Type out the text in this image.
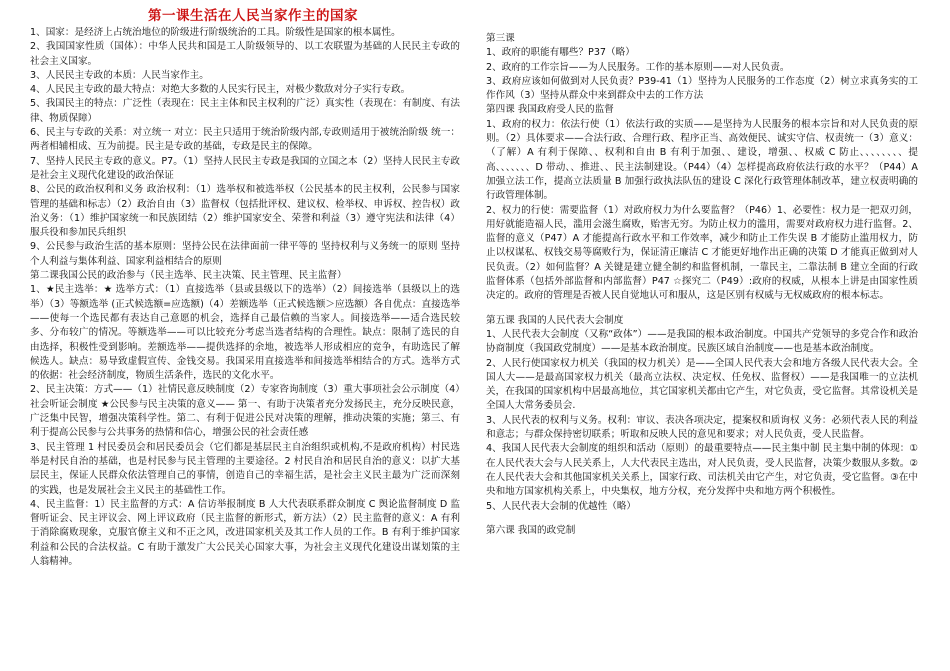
第一课生活在人民当家作主的国家

1、国家：是经济上占统治地位的阶级进行阶级统治的工具。阶级性是国家的根本属性。

2、我国国家性质（国体）：中华人民共和国是工人阶级领导的、以工农联盟为基础的人民民主专政的社会主义国家。

3、人民民主专政的本质：人民当家作主。

4、人民民主专政的最大特点：对绝大多数的人民实行民主，对极少数敌对分子实行专政。

5、我国民主的特点：广泛性（表现在：民主主体和民主权利的广泛）真实性（表现在：有制度、有法律、物质保障）

6、民主与专政的关系：对立统一 对立：民主只适用于统治阶级内部,专政则适用于被统治阶级 统一：两者相辅相成、互为前提。民主是专政的基础，专政是民主的保障。

7、坚持人民民主专政的意义。P7。（1）坚持人民民主专政是我国的立国之本（2）坚持人民民主专政是社会主义现代化建设的政治保证

8、公民的政治权利和义务 政治权利：（1）选举权和被选举权（公民基本的民主权利，公民参与国家管理的基础和标志）（2）政治自由（3）监督权（包括批评权、建议权、检举权、申诉权、控告权）政治义务：（1）维护国家统一和民族团结（2）维护国家安全、荣誉和利益（3）遵守宪法和法律（4）服兵役和参加民兵组织

9、公民参与政治生活的基本原则：坚持公民在法律面前一律平等的 坚持权利与义务统一的原则 坚持个人利益与集体利益、国家利益相结合的原则

第二课我国公民的政治参与（民主选举、民主决策、民主管理、民主监督）

1、★民主选举：★ 选举方式：（1）直接选举（县或县级以下的选举）（2）间接选举（县级以上的选举）（3）等额选举 (正式候选额=应选额)（4）差额选举（正式候选额＞应选额）各自优点：直接选举——使每一个选民都有表达自己意愿的机会，选择自己最信赖的当家人。间接选举——适合选民较多、分布较广的情况。等额选举——可以比较充分考虑当选者结构的合理性。缺点：限制了选民的自由选择，积极性受到影响。差额选举——提供选择的余地，被选举人形成相应的竞争，有助选民了解候选人。缺点：易导致虚假宣传、金钱交易。我国采用直接选举和间接选举相结合的方式。选举方式的依据：社会经济制度，物质生活条件，选民的文化水平。

2、民主决策：方式——（1）社情民意反映制度（2）专家咨询制度（3）重大事项社会公示制度（4）社会听证会制度 ★公民参与民主决策的意义—— 第一、有助于决策者充分发扬民主，充分反映民意，广泛集中民智，增强决策科学性。第二、有利于促进公民对决策的理解，推动决策的实施；第三、有利于提高公民参与公共事务的热情和信心，增强公民的社会责任感

3、民主管理 1 村民委员会和居民委员会（它们都是基层民主自治组织或机构,不是政府机构）村民选举是村民自治的基础，也是村民参与民主管理的主要途径。2 村民自治和居民自治的意义：以扩大基层民主，保证人民群众依法管理自己的事情，创造自己的幸福生活，是社会主义民主最为广泛而深刻的实践，也是发展社会主义民主的基础性工作。

4、民主监督：1）民主监督的方式：A 信访举报制度 B 人大代表联系群众制度 C 舆论监督制度 D 监督听证会、民主评议会、网上评议政府（民主监督的新形式，新方法）（2）民主监督的意义：A 有利于消除腐败现象，克服官僚主义和不正之风，改进国家机关及其工作人员的工作。B 有利于维护国家利益和公民的合法权益。C 有助于激发广大公民关心国家大事，为社会主义现代化建设出谋划策的主人翁精神。

第三课

1、政府的职能有哪些？P37（略）

2、政府的工作宗旨——为人民服务。工作的基本原则——对人民负责。

3、政府应该如何做到对人民负责？P39-41（1）坚持为人民服务的工作态度（2）树立求真务实的工作作风（3）坚持从群众中来到群众中去的工作方法

第四课 我国政府受人民的监督

1、政府的权力：依法行使（1）依法行政的实质——是坚持为人民服务的根本宗旨和对人民负责的原则。（2）具体要求——合法行政、合理行政、程序正当、高效便民、诚实守信、权责统一（3）意义：（了解）A 有利于保障、、权利和自由 B 有利于加强、、建设，增强、、权威 C 防止、、、、、、、、提高、、、、、、、D 带动、、推进、、民主法制建设。（P44）（4）怎样提高政府依法行政的水平？（P44）A 加强立法工作，提高立法质量 B 加强行政执法队伍的建设 C 深化行政管理体制改革，建立权责明确的行政管理体制。

2、权力的行使：需要监督（1）对政府权力为什么要监督？（P46）1、必要性：权力是一把双刃剑，用好就能造福人民，滥用会滋生腐败，贻害无穷。为防止权力的滥用，需要对政府权力进行监督。2、监督的意义（P47）A 才能提高行政水平和工作效率，减少和防止工作失误 B 才能防止滥用权力，防止以权谋私、权钱交易等腐败行为，保证清正廉洁 C 才能更好地作出正确的决策 D 才能真正做到对人民负责。（2）如何监督？A 关键是建立健全制约和监督机制，一靠民主，二靠法制 B 建立全面的行政监督体系（包括外部监督和内部监督）P47 ☆探究二（P49）:政府的权威，从根本上讲是由国家性质决定的。政府的管理是否被人民自觉地认可和服从，这是区别有权威与无权威政府的根本标志。

第五课 我国的人民代表大会制度

1、人民代表大会制度（又称“政体”）——是我国的根本政治制度。中国共产党领导的多党合作和政治协商制度（我国政党制度）——是基本政治制度。民族区域自治制度——也是基本政治制度。

2、人民行使国家权力机关（我国的权力机关）是——全国人民代表大会和地方各级人民代表大会。全国人大——是最高国家权力机关（最高立法权、决定权、任免权、监督权）——是我国唯一的立法机关，在我国的国家机构中居最高地位，其它国家机关都由它产生，对它负责，受它监督。其常设机关是全国人大常务委员会.

3、人民代表的权利与义务。权利：审议、表决各项决定，提案权和质询权 义务：必须代表人民的利益和意志；与群众保持密切联系；听取和反映人民的意见和要求；对人民负责，受人民监督。

4、我国人民代表大会制度的组织和活动（原则）的最重要特点——民主集中制 民主集中制的体现：①在人民代表大会与人民关系上，人大代表民主选出，对人民负责，受人民监督，决策少数服从多数。②在人民代表大会和其他国家机关关系上，国家行政、司法机关由它产生，对它负责，受它监督。③在中央和地方国家机构关系上，中央集权，地方分权，充分发挥中央和地方两个积极性。

5、人民代表大会制的优越性（略）

第六课 我国的政党制
